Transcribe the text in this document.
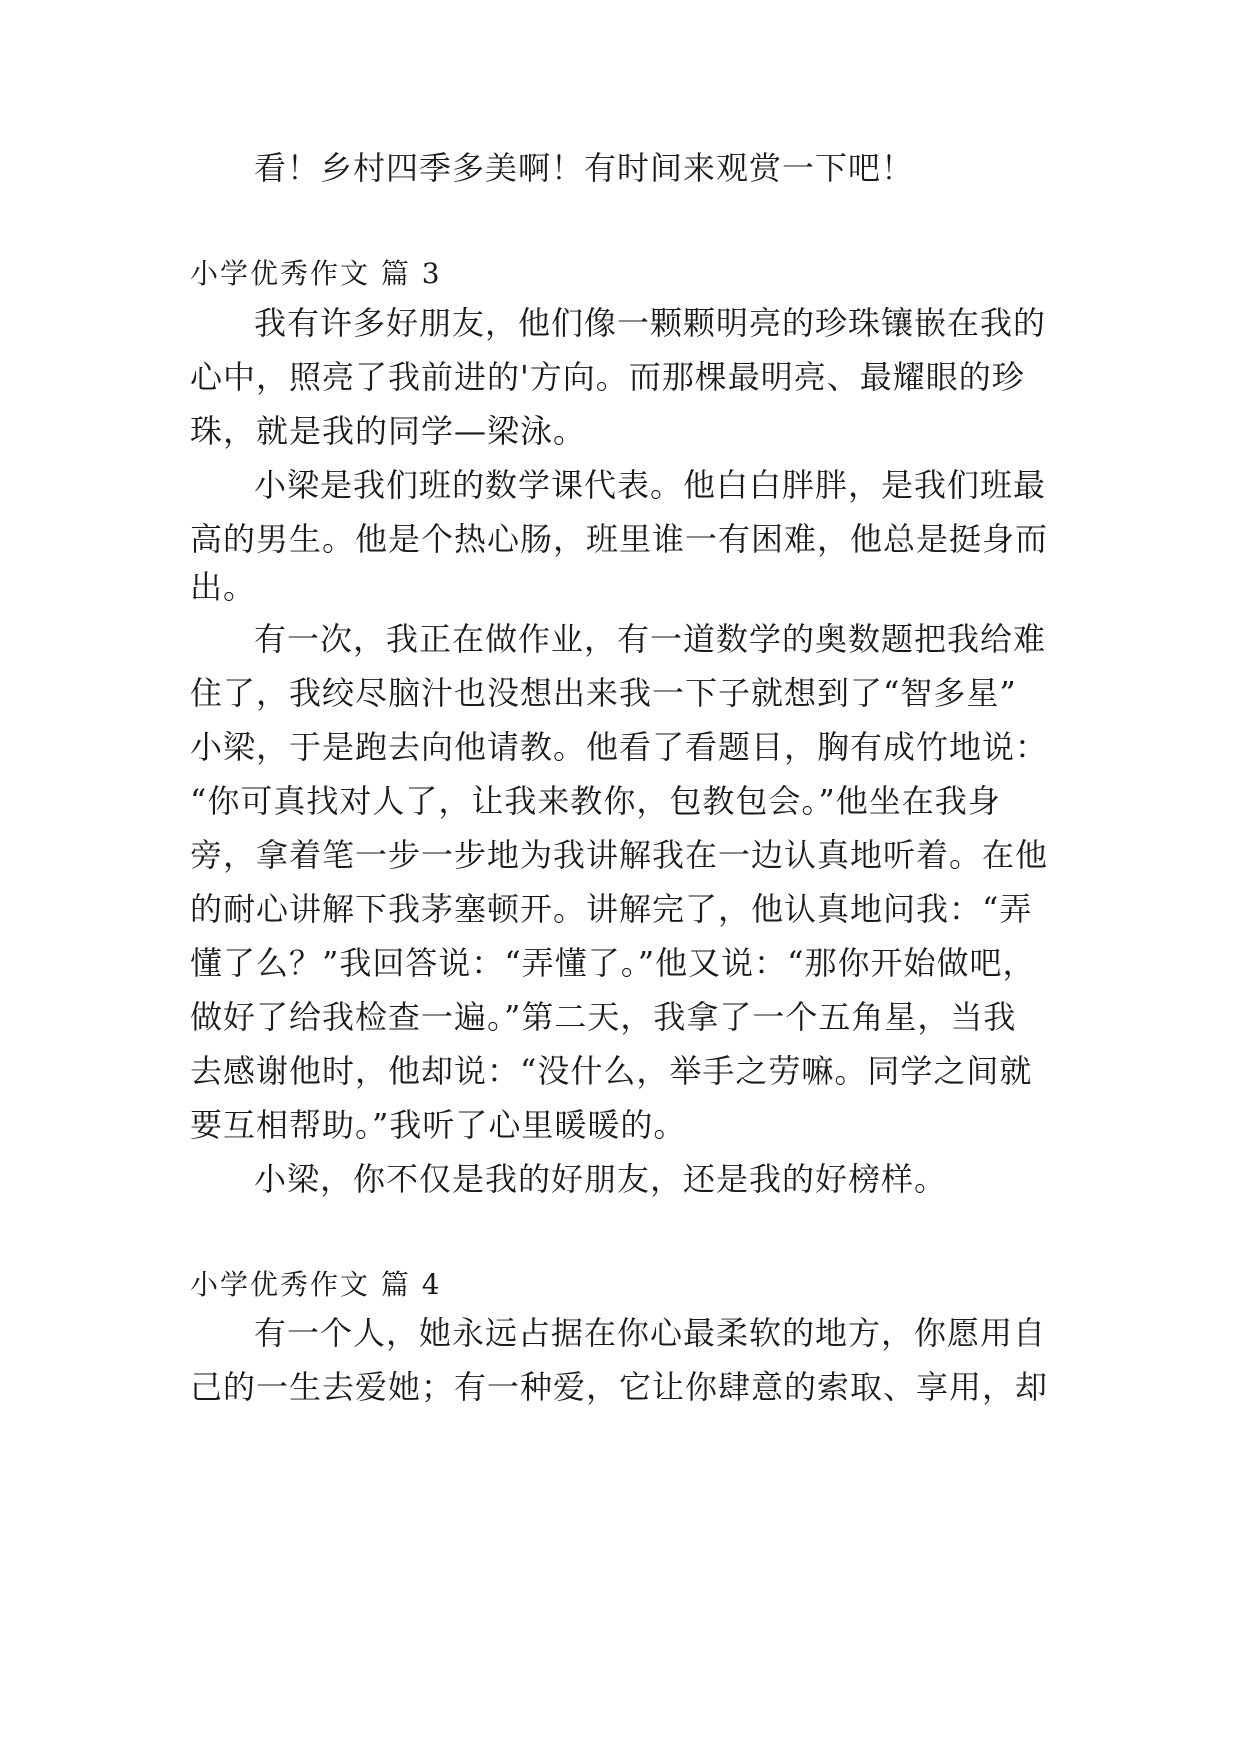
看！乡村四季多美啊！有时间来观赏一下吧！
小学优秀作文 篇 3
我有许多好朋友，他们像一颗颗明亮的珍珠镶嵌在我的
心中，照亮了我前进的'方向。而那棵最明亮、最耀眼的珍
珠，就是我的同学—梁泳。
小梁是我们班的数学课代表。他白白胖胖，是我们班最
高的男生。他是个热心肠，班里谁一有困难，他总是挺身而
出。
有一次，我正在做作业，有一道数学的奥数题把我给难
住了，我绞尽脑汁也没想出来我一下子就想到了“智多星”
小梁，于是跑去向他请教。他看了看题目，胸有成竹地说：
“你可真找对人了，让我来教你，包教包会。”他坐在我身
旁，拿着笔一步一步地为我讲解我在一边认真地听着。在他
的耐心讲解下我茅塞顿开。讲解完了，他认真地问我：“弄
懂了么？”我回答说：“弄懂了。”他又说：“那你开始做吧，
做好了给我检查一遍。”第二天，我拿了一个五角星，当我
去感谢他时，他却说：“没什么，举手之劳嘛。同学之间就
要互相帮助。”我听了心里暖暖的。
小梁，你不仅是我的好朋友，还是我的好榜样。
小学优秀作文 篇 4
有一个人，她永远占据在你心最柔软的地方，你愿用自
己的一生去爱她；有一种爱，它让你肆意的索取、享用，却
